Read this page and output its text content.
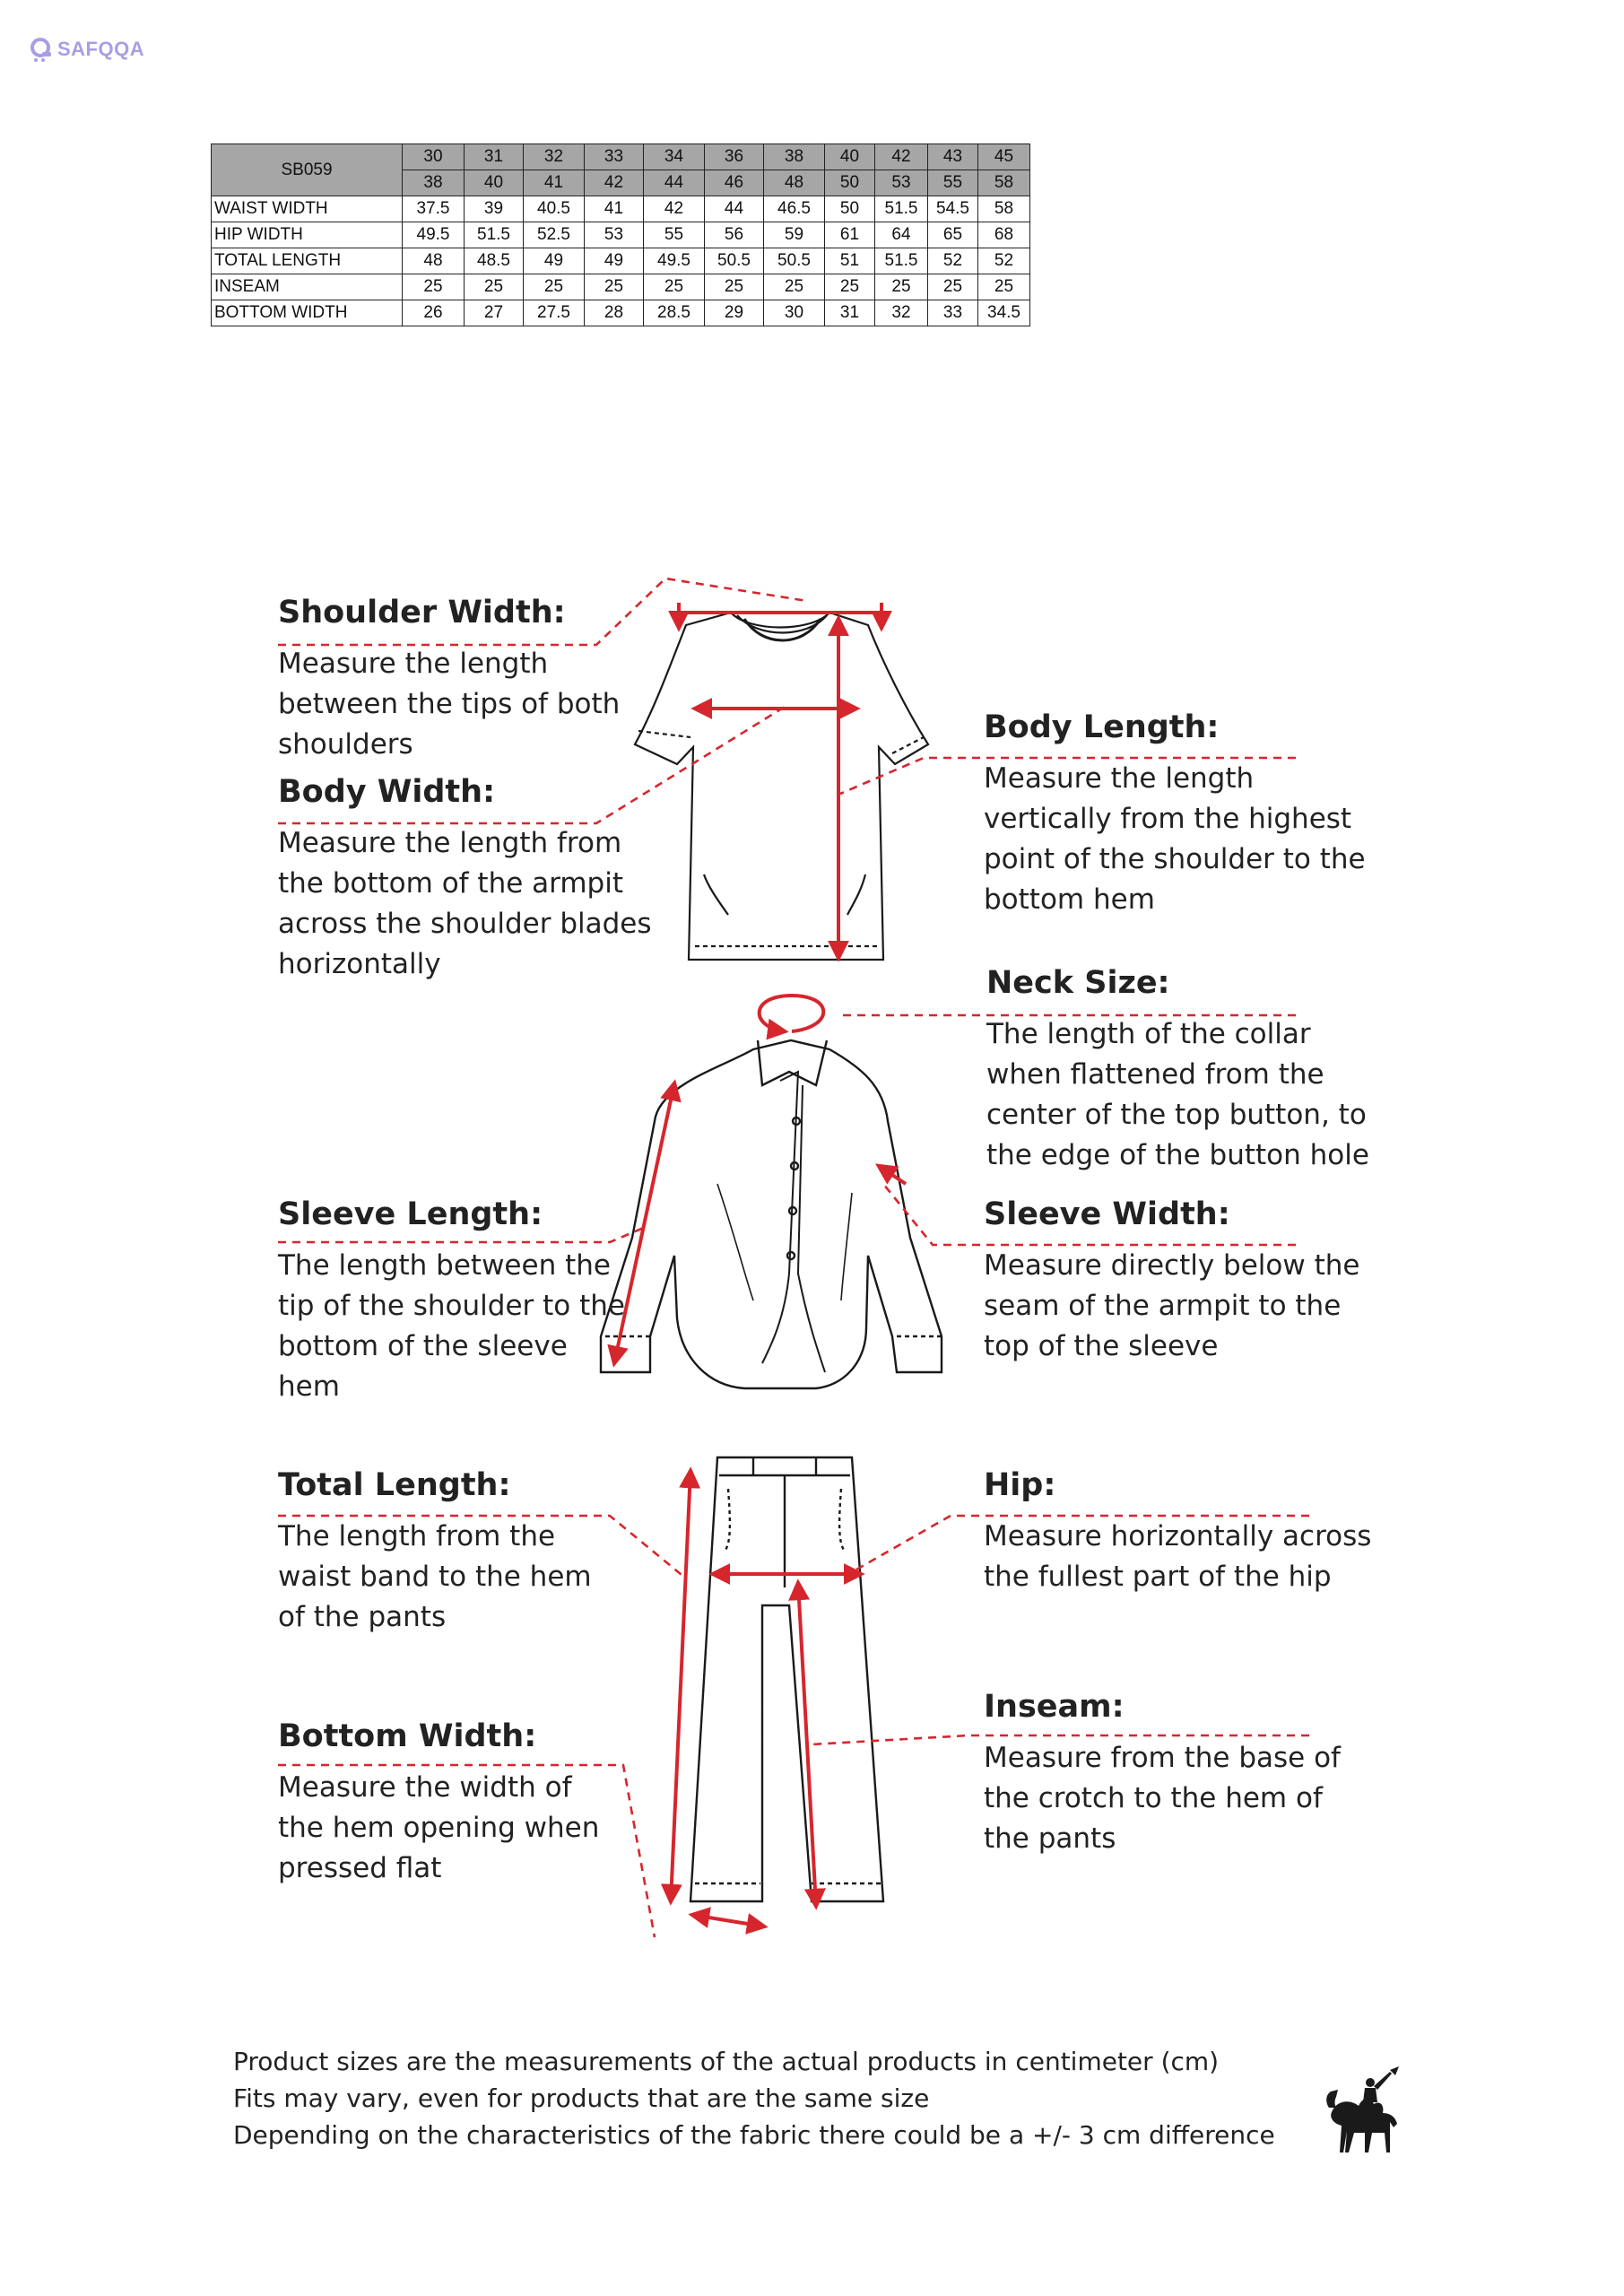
SAFQQA
SB059	30	31	32	33	34	36	38	40	42	43	45
	38	40	41	42	44	46	48	50	53	55	58
WAIST WIDTH	37.5	39	40.5	41	42	44	46.5	50	51.5	54.5	58
HIP WIDTH	49.5	51.5	52.5	53	55	56	59	61	64	65	68
TOTAL LENGTH	48	48.5	49	49	49.5	50.5	50.5	51	51.5	52	52
INSEAM	25	25	25	25	25	25	25	25	25	25	25
BOTTOM WIDTH	26	27	27.5	28	28.5	29	30	31	32	33	34.5
Shoulder Width:

Measure the length

between the tips of both

shoulders

Body Width:

Measure the length from

the bottom of the armpit

across the shoulder blades

horizontally

Body Length:

Measure the length

vertically from the highest

point of the shoulder to the

bottom hem

Neck Size:

The length of the collar

when flattened from the

center of the top button, to

the edge of the button hole

Sleeve Length:

The length between the

tip of the shoulder to the

bottom of the sleeve

hem

Sleeve Width:

Measure directly below the

seam of the armpit to the

top of the sleeve

Total Length:

The length from the

waist band to the hem

of the pants

Hip:

Measure horizontally across

the fullest part of the hip

Bottom Width:

Measure the width of

the hem opening when

pressed flat

Inseam:

Measure from the base of

the crotch to the hem of

the pants

Product sizes are the measurements of the actual products in centimeter (cm)
Fits may vary, even for products that are the same size
Depending on the characteristics of the fabric there could be a +/- 3 cm difference
